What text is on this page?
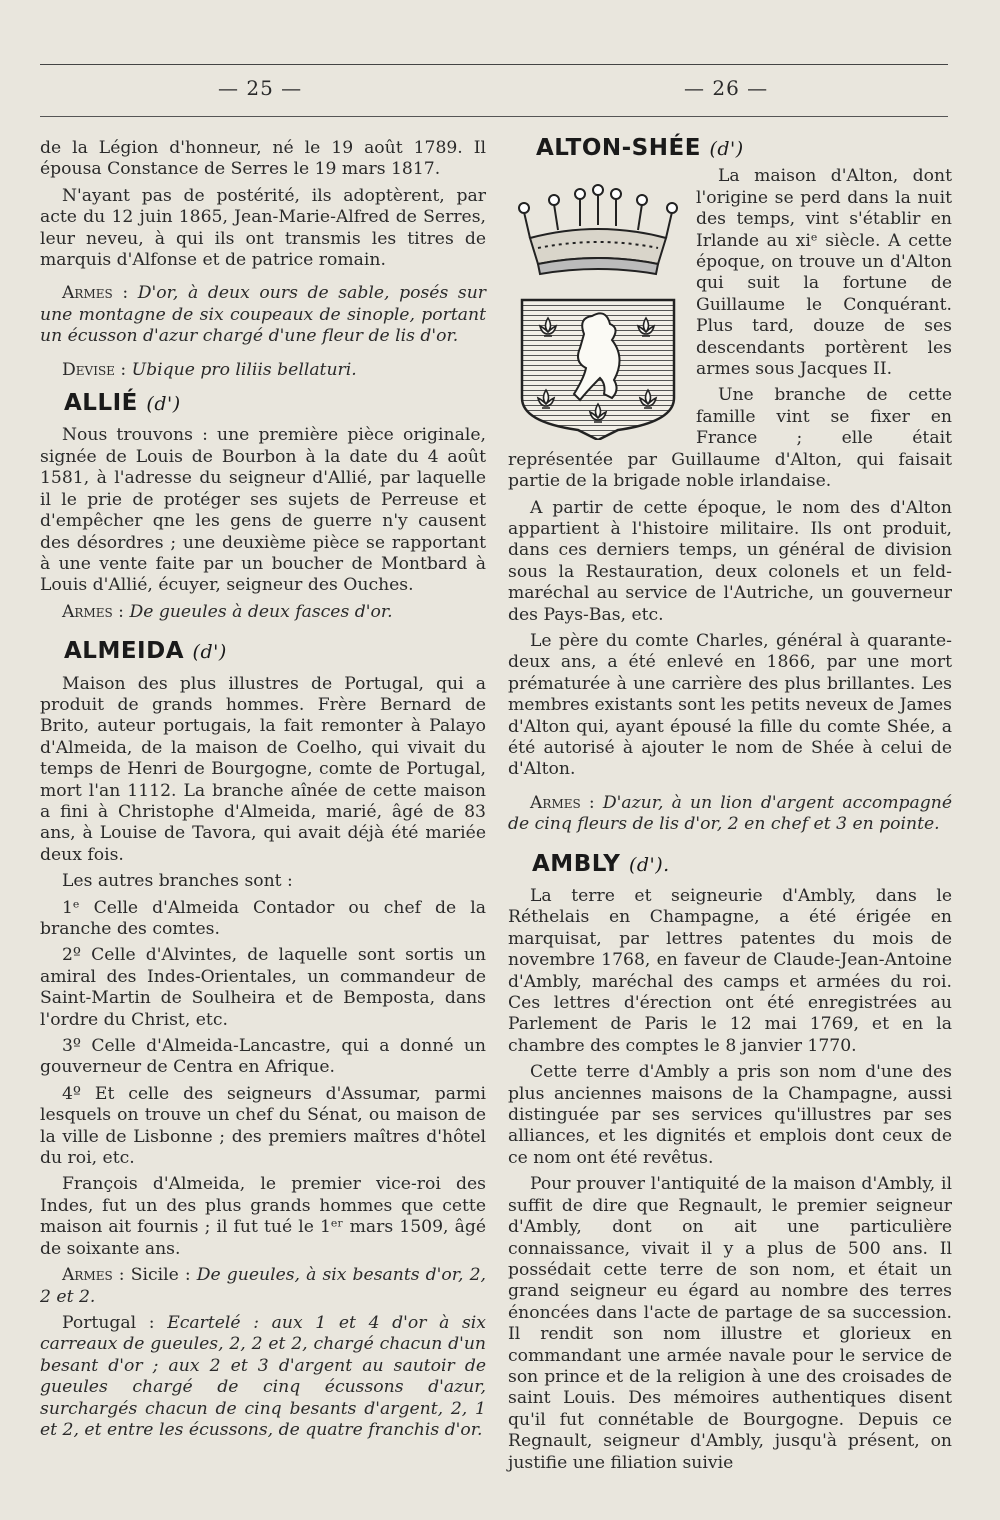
— 25 —	— 26 —

de la Légion d'honneur, né le 19 août 1789. Il épousa Constance de Serres le 19 mars 1817.

N'ayant pas de postérité, ils adoptèrent, par acte du 12 juin 1865, Jean-Marie-Alfred de Serres, leur neveu, à qui ils ont transmis les titres de marquis d'Alfonse et de patrice romain.

Armes : D'or, à deux ours de sable, posés sur une montagne de six coupeaux de sinople, portant un écusson d'azur chargé d'une fleur de lis d'or.

Devise : Ubique pro liliis bellaturi.

ALLIÉ (d')

Nous trouvons : une première pièce originale, signée de Louis de Bourbon à la date du 4 août 1581, à l'adresse du seigneur d'Allié, par laquelle il le prie de protéger ses sujets de Perreuse et d'empêcher qne les gens de guerre n'y causent des désordres ; une deuxième pièce se rapportant à une vente faite par un boucher de Montbard à Louis d'Allié, écuyer, seigneur des Ouches.

Armes : De gueules à deux fasces d'or.

ALMEIDA (d')

Maison des plus illustres de Portugal, qui a produit de grands hommes. Frère Bernard de Brito, auteur portugais, la fait remonter à Palayo d'Almeida, de la maison de Coelho, qui vivait du temps de Henri de Bourgogne, comte de Portugal, mort l'an 1112. La branche aînée de cette maison a fini à Christophe d'Almeida, marié, âgé de 83 ans, à Louise de Tavora, qui avait déjà été mariée deux fois.

Les autres branches sont :

1ᵉ Celle d'Almeida Contador ou chef de la branche des comtes.

2º Celle d'Alvintes, de laquelle sont sortis un amiral des Indes-Orientales, un commandeur de Saint-Martin de Soulheira et de Bemposta, dans l'ordre du Christ, etc.

3º Celle d'Almeida-Lancastre, qui a donné un gouverneur de Centra en Afrique.

4º Et celle des seigneurs d'Assumar, parmi lesquels on trouve un chef du Sénat, ou maison de la ville de Lisbonne ; des premiers maîtres d'hôtel du roi, etc.

François d'Almeida, le premier vice-roi des Indes, fut un des plus grands hommes que cette maison ait fournis ; il fut tué le 1ᵉʳ mars 1509, âgé de soixante ans.

Armes : Sicile : De gueules, à six besants d'or, 2, 2 et 2.

Portugal : Ecartelé : aux 1 et 4 d'or à six carreaux de gueules, 2, 2 et 2, chargé chacun d'un besant d'or ; aux 2 et 3 d'argent au sautoir de gueules chargé de cinq écussons d'azur, surchargés chacun de cinq besants d'argent, 2, 1 et 2, et entre les écussons, de quatre franchis d'or.

ALTON-SHÉE (d')

La maison d'Alton, dont l'origine se perd dans la nuit des temps, vint s'établir en Irlande au xiᵉ siècle. A cette époque, on trouve un d'Alton qui suit la fortune de Guillaume le Conquérant. Plus tard, douze de ses descendants portèrent les armes sous Jacques II.

Une branche de cette famille vint se fixer en France ; elle était représentée par Guillaume d'Alton, qui faisait partie de la brigade noble irlandaise.

A partir de cette époque, le nom des d'Alton appartient à l'histoire militaire. Ils ont produit, dans ces derniers temps, un général de division sous la Restauration, deux colonels et un feld-maréchal au service de l'Autriche, un gouverneur des Pays-Bas, etc.

Le père du comte Charles, général à quarante-deux ans, a été enlevé en 1866, par une mort prématurée à une carrière des plus brillantes. Les membres existants sont les petits neveux de James d'Alton qui, ayant épousé la fille du comte Shée, a été autorisé à ajouter le nom de Shée à celui de d'Alton.

Armes : D'azur, à un lion d'argent accompagné de cinq fleurs de lis d'or, 2 en chef et 3 en pointe.

AMBLY (d').

La terre et seigneurie d'Ambly, dans le Réthelais en Champagne, a été érigée en marquisat, par lettres patentes du mois de novembre 1768, en faveur de Claude-Jean-Antoine d'Ambly, maréchal des camps et armées du roi. Ces lettres d'érection ont été enregistrées au Parlement de Paris le 12 mai 1769, et en la chambre des comptes le 8 janvier 1770.

Cette terre d'Ambly a pris son nom d'une des plus anciennes maisons de la Champagne, aussi distinguée par ses services qu'illustres par ses alliances, et les dignités et emplois dont ceux de ce nom ont été revêtus.

Pour prouver l'antiquité de la maison d'Ambly, il suffit de dire que Regnault, le premier seigneur d'Ambly, dont on ait une particulière connaissance, vivait il y a plus de 500 ans. Il possédait cette terre de son nom, et était un grand seigneur eu égard au nombre des terres énoncées dans l'acte de partage de sa succession. Il rendit son nom illustre et glorieux en commandant une armée navale pour le service de son prince et de la religion à une des croisades de saint Louis. Des mémoires authentiques disent qu'il fut connétable de Bourgogne. Depuis ce Regnault, seigneur d'Ambly, jusqu'à présent, on justifie une filiation suivie
